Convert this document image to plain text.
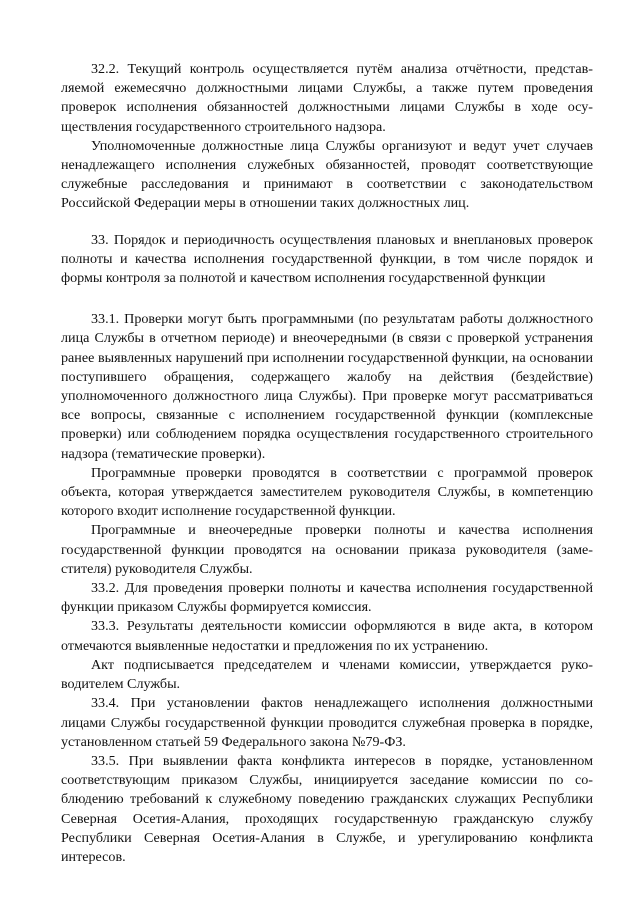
32.2. Текущий контроль осуществляется путём анализа отчётности, представляемой ежемесячно должностными лицами Службы, а также путем проведения проверок исполнения обязанностей должностными лицами Службы в ходе осуществления государственного строительного надзора.

Уполномоченные должностные лица Службы организуют и ведут учет случаев ненадлежащего исполнения служебных обязанностей, проводят соответствующие служебные расследования и принимают в соответствии с законодательством Российской Федерации меры в отношении таких должностных лиц.

33. Порядок и периодичность осуществления плановых и внеплановых проверок полноты и качества исполнения государственной функции, в том числе порядок и формы контроля за полнотой и качеством исполнения государственной функции

33.1. Проверки могут быть программными (по результатам работы должностного лица Службы в отчетном периоде) и внеочередными (в связи с проверкой устранения ранее выявленных нарушений при исполнении государственной функции, на основании поступившего обращения, содержащего жалобу на действия (бездействие) уполномоченного должностного лица Службы). При проверке могут рассматриваться все вопросы, связанные с исполнением государственной функции (комплексные проверки) или соблюдением порядка осуществления государственного строительного надзора (тематические проверки).

Программные проверки проводятся в соответствии с программой проверок объекта, которая утверждается заместителем руководителя Службы, в компетенцию которого входит исполнение государственной функции.

Программные и внеочередные проверки полноты и качества исполнения государственной функции проводятся на основании приказа руководителя (заместителя) руководителя Службы.

33.2. Для проведения проверки полноты и качества исполнения государственной функции приказом Службы формируется комиссия.

33.3. Результаты деятельности комиссии оформляются в виде акта, в котором отмечаются выявленные недостатки и предложения по их устранению.

Акт подписывается председателем и членами комиссии, утверждается руководителем Службы.

33.4. При установлении фактов ненадлежащего исполнения должностными лицами Службы государственной функции проводится служебная проверка в порядке, установленном статьей 59 Федерального закона №79-ФЗ.

33.5. При выявлении факта конфликта интересов в порядке, установленном соответствующим приказом Службы, инициируется заседание комиссии по соблюдению требований к служебному поведению гражданских служащих Республики Северная Осетия-Алания, проходящих государственную гражданскую службу Республики Северная Осетия-Алания в Службе, и урегулированию конфликта интересов.
